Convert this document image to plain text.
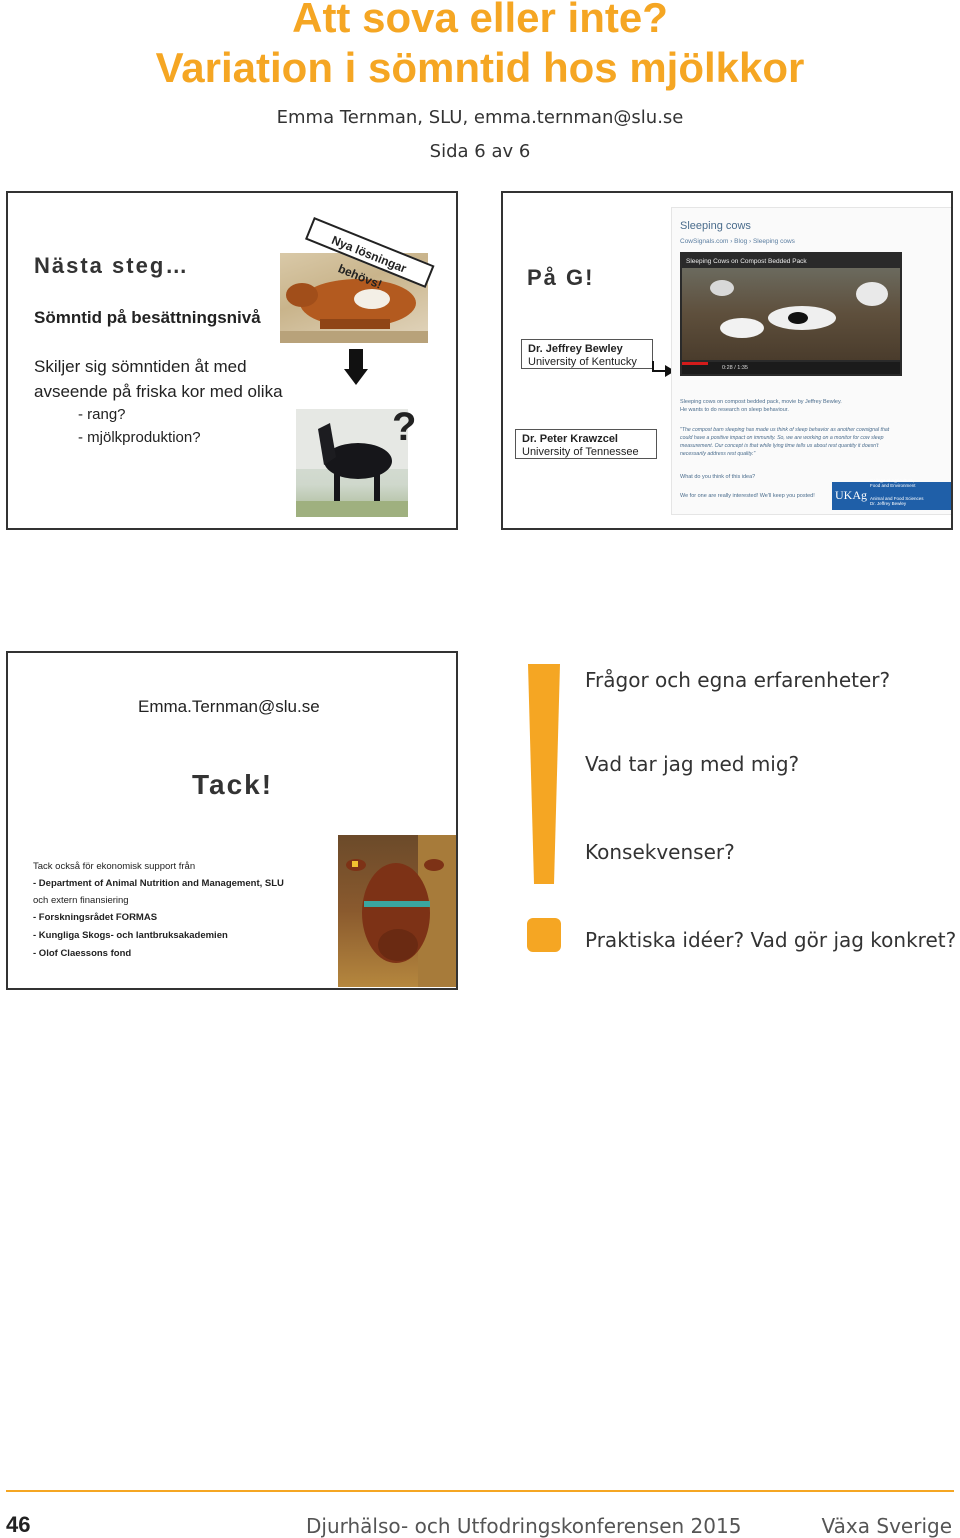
Att sova eller inte?
Variation i sömntid hos mjölkkor
Emma Ternman, SLU, emma.ternman@slu.se
Sida 6 av 6
Nästa steg…
Sömntid på besättningsnivå
Skiljer sig sömntiden åt med
avseende på friska kor med olika
- rang?
- mjölkproduktion?
Nya lösningar behövs!
?
På G!
Dr. Jeffrey Bewley
University of Kentucky
Dr. Peter Krawzcel
University of Tennessee
Sleeping cows
CowSignals.com › Blog › Sleeping cows
Sleeping Cows on Compost Bedded Pack
0:28 / 1:35
Sleeping cows on compost bedded pack, movie by Jeffrey Bewley.
He wants to do research on sleep behaviour.
"The compost barn sleeping has made us think of sleep behavior as another cowsignal that
could have a positive impact on immunity. So, we are working on a monitor for cow sleep
measurement. Our concept is that while lying time tells us about rest quantity it doesn't
necessarily address rest quality."
What do you think of this idea?
We for one are really interested! We'll keep you posted! UKAg
College of Agriculture,
Food and Environment
Animal and Food Sciences
Dr. Jeffrey Bewley
Emma.Ternman@slu.se
Tack!
Tack också för ekonomisk support från
- Department of Animal Nutrition and Management, SLU
och extern finansiering
- Forskningsrådet FORMAS
- Kungliga Skogs- och lantbruksakademien
- Olof Claessons fond
Frågor och egna erfarenheter?
Vad tar jag med mig?
Konsekvenser?
Praktiska idéer? Vad gör jag konkret?
46	Djurhälso- och Utfodringskonferensen 2015	Växa Sverige
